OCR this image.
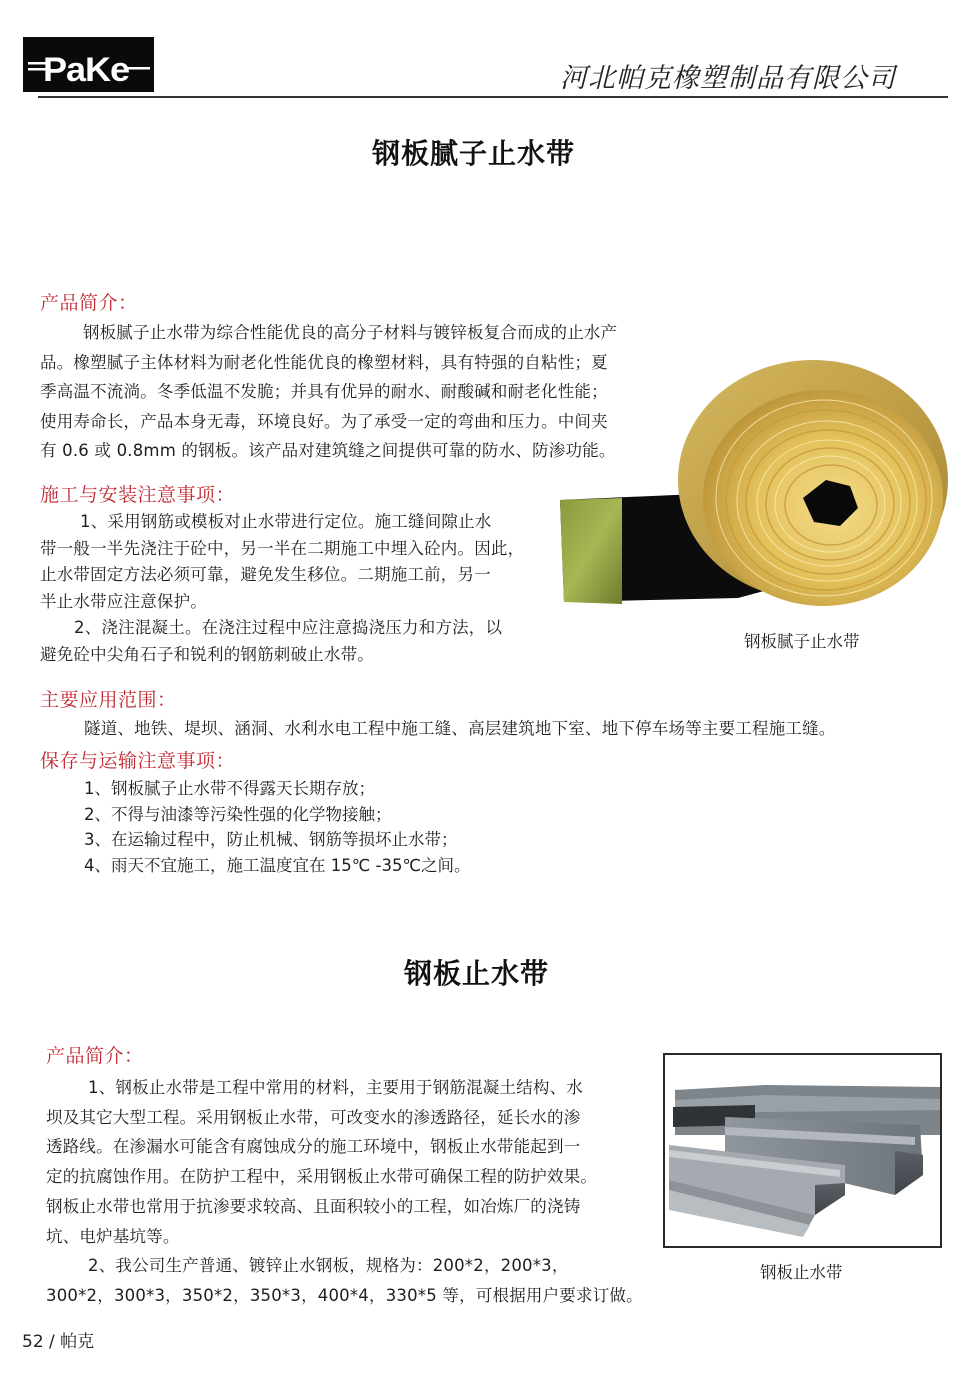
PaKe	河北帕克橡塑制品有限公司
钢板腻子止水带
产品简介：
钢板腻子止水带为综合性能优良的高分子材料与镀锌板复合而成的止水产
品。橡塑腻子主体材料为耐老化性能优良的橡塑材料，具有特强的自粘性；夏
季高温不流淌。冬季低温不发脆；并具有优异的耐水、耐酸碱和耐老化性能；
使用寿命长，产品本身无毒，环境良好。为了承受一定的弯曲和压力。中间夹
有 0.6 或 0.8mm 的钢板。该产品对建筑缝之间提供可靠的防水、防渗功能。
施工与安装注意事项：
1、采用钢筋或模板对止水带进行定位。施工缝间隙止水
带一般一半先浇注于砼中，另一半在二期施工中埋入砼内。因此，
止水带固定方法必须可靠，避免发生移位。二期施工前，另一
半止水带应注意保护。
2、浇注混凝土。在浇注过程中应注意捣浇压力和方法，以
避免砼中尖角石子和锐利的钢筋刺破止水带。
钢板腻子止水带
主要应用范围：
隧道、地铁、堤坝、涵洞、水利水电工程中施工缝、高层建筑地下室、地下停车场等主要工程施工缝。
保存与运输注意事项：
1、钢板腻子止水带不得露天长期存放；
2、不得与油漆等污染性强的化学物接触；
3、在运输过程中，防止机械、钢筋等损坏止水带；
4、雨天不宜施工，施工温度宜在 15℃ -35℃之间。
钢板止水带
产品简介：
1、钢板止水带是工程中常用的材料，主要用于钢筋混凝土结构、水
坝及其它大型工程。采用钢板止水带，可改变水的渗透路径，延长水的渗
透路线。在渗漏水可能含有腐蚀成分的施工环境中，钢板止水带能起到一
定的抗腐蚀作用。在防护工程中，采用钢板止水带可确保工程的防护效果。
钢板止水带也常用于抗渗要求较高、且面积较小的工程，如冶炼厂的浇铸
坑、电炉基坑等。
2、我公司生产普通、镀锌止水钢板，规格为：200*2，200*3，
300*2，300*3，350*2，350*3，400*4，330*5 等，可根据用户要求订做。
钢板止水带
52 / 帕克
